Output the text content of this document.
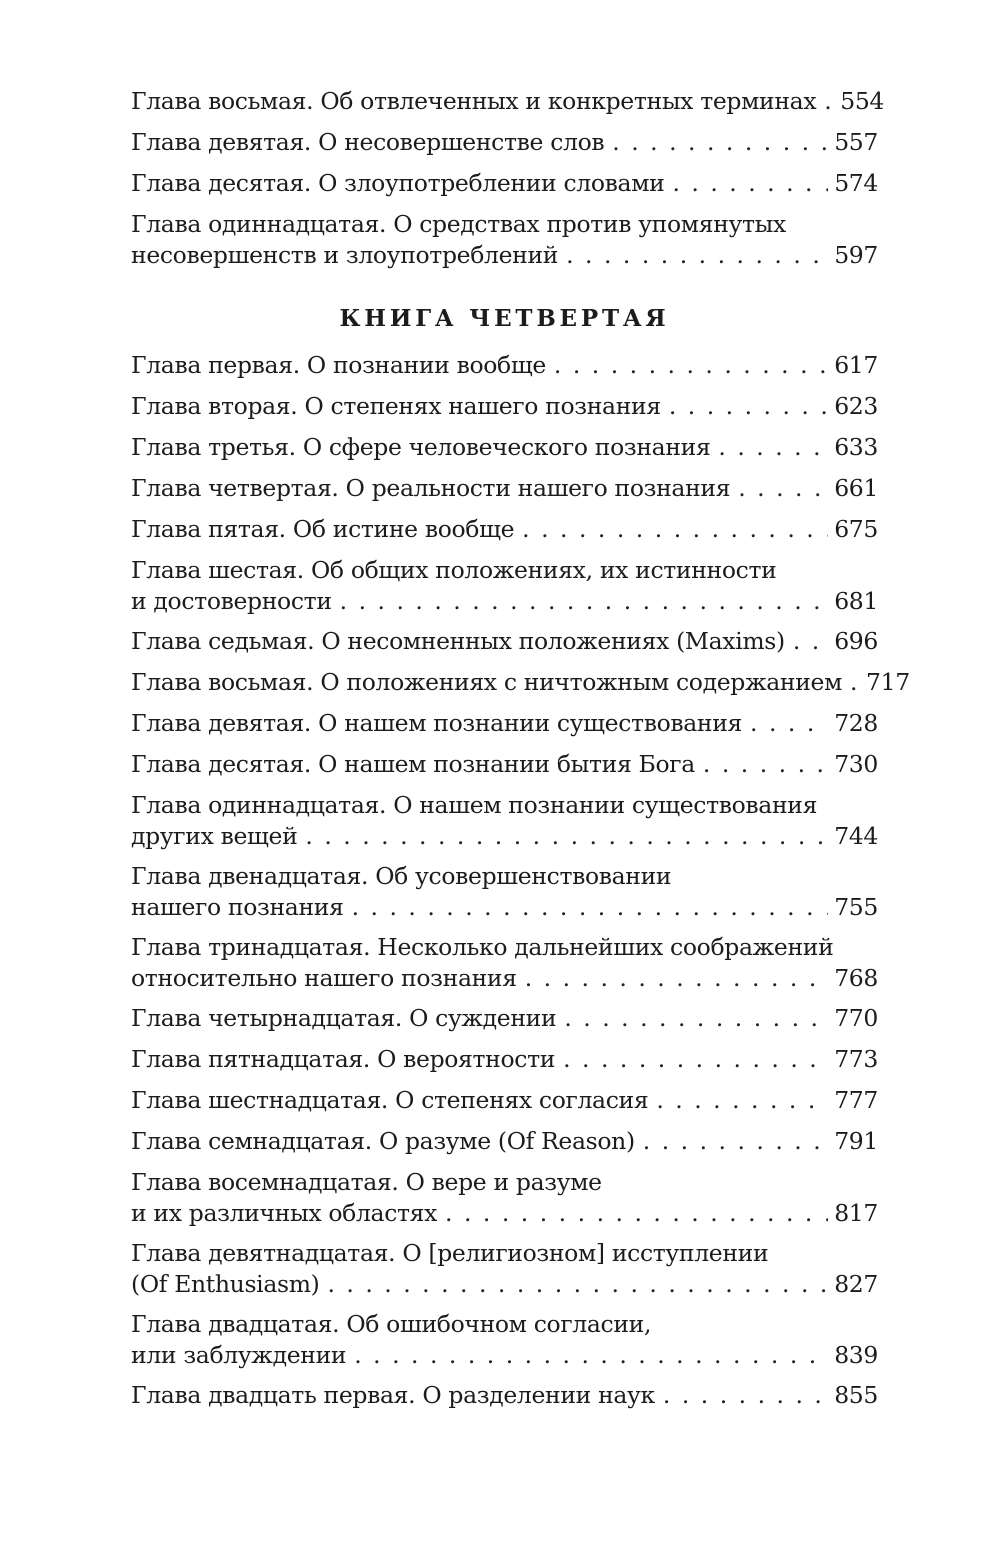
Глава восьмая. Об отвлеченных и конкретных терминах . . . 554
Глава девятая. О несовершенстве слов . . .	557
Глава десятая. О злоупотреблении словами . . .	574
Глава одиннадцатая. О средствах против упомянутых
несовершенств и злоупотреблений . . .	597
КНИГА ЧЕТВЕРТАЯ
Глава первая. О познании вообще . . .	617
Глава вторая. О степенях нашего познания . . .	623
Глава третья. О сфере человеческого познания . . .	633
Глава четвертая. О реальности нашего познания . . .	661
Глава пятая. Об истине вообще . . .	675
Глава шестая. Об общих положениях, их истинности
и достоверности . . .	681
Глава седьмая. О несомненных положениях (Maxims) . . . 696
Глава восьмая. О положениях с ничтожным содержанием . . . 717
Глава девятая. О нашем познании существования . . .	728
Глава десятая. О нашем познании бытия Бога . . .	730
Глава одиннадцатая. О нашем познании существования
других вещей . . .	744
Глава двенадцатая. Об усовершенствовании
нашего познания . . .	755
Глава тринадцатая. Несколько дальнейших соображений
относительно нашего познания . . .	768
Глава четырнадцатая. О суждении . . .	770
Глава пятнадцатая. О вероятности . . .	773
Глава шестнадцатая. О степенях согласия . . .	777
Глава семнадцатая. О разуме (Of Reason) . . .	791
Глава восемнадцатая. О вере и разуме
и их различных областях . . .	817
Глава девятнадцатая. О [религиозном] исступлении
(Of Enthusiasm) . . .	827
Глава двадцатая. Об ошибочном согласии,
или заблуждении . . .	839
Глава двадцать первая. О разделении наук . . .	855
